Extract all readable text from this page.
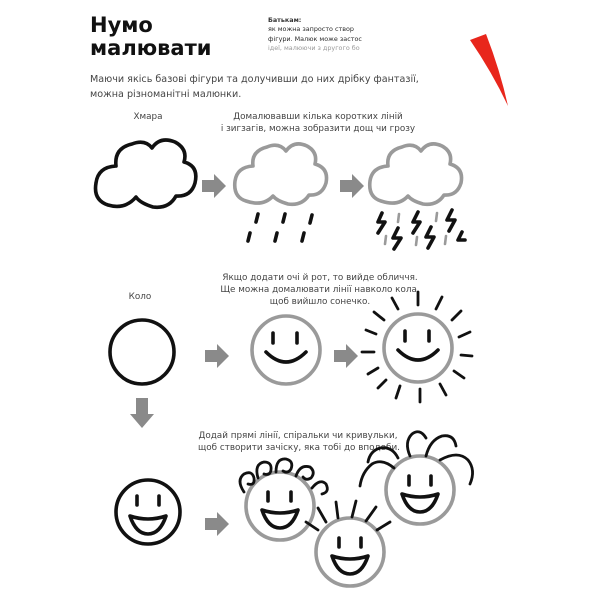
Нумо
малювати
Батькам:
як можна запросто створ
фігури. Малюк може застос
ідеї, малюючи з другого бо
Маючи якісь базові фігури та долучивши до них дрібку фантазії, можна різноманітні малюнки.
Хмара	Домалювавши кілька коротких ліній
і зигзагів, можна зобразити дощ чи грозу
Якщо додати очі й рот, то вийде обличчя.
Ще можна домалювати лінії навколо кола,
щоб вийшло сонечко.
Коло
Додай прямі лінії, спіральки чи кривульки,
щоб створити зачіску, яка тобі до вподоби.
